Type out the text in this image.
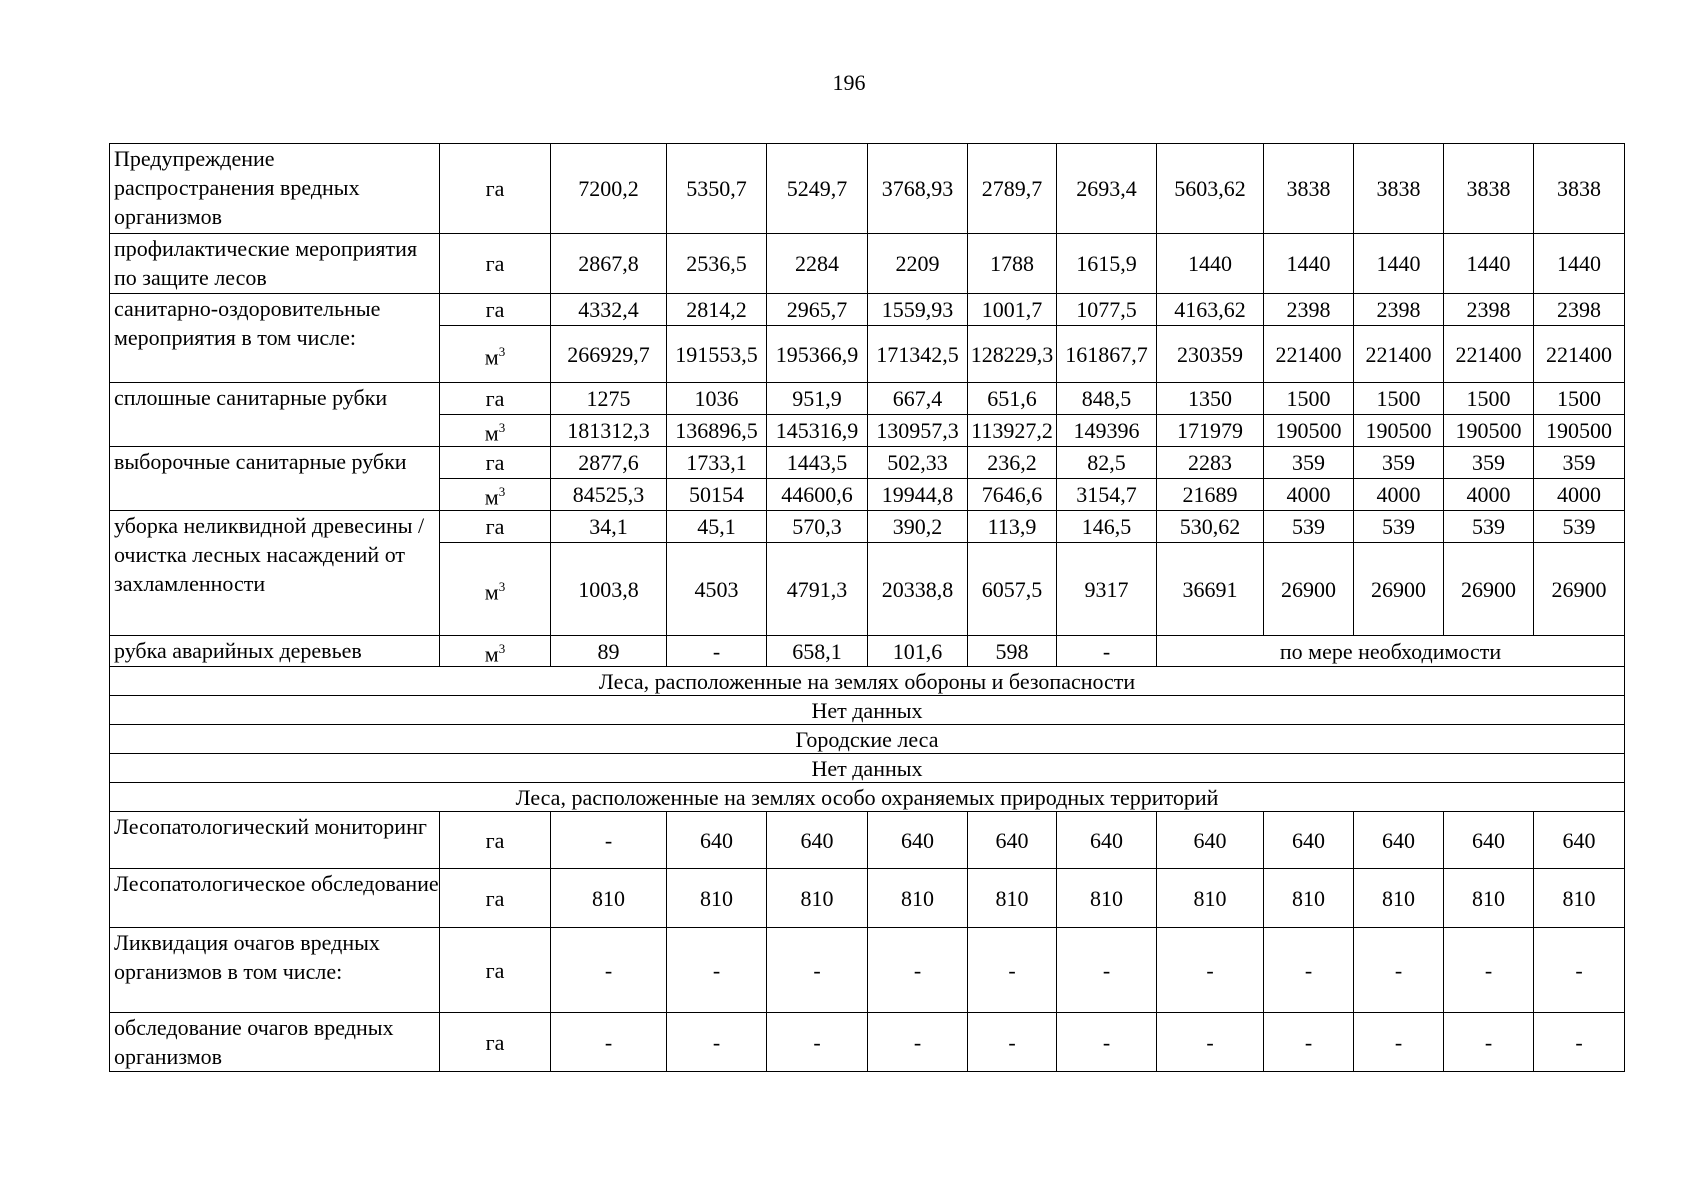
196
Предупреждение распространения вредных организмов	га	7200,2	5350,7	5249,7	3768,93	2789,7	2693,4	5603,62	3838	3838	3838	3838
профилактические мероприятия по защите лесов	га	2867,8	2536,5	2284	2209	1788	1615,9	1440	1440	1440	1440	1440
санитарно-оздоровительные мероприятия в том числе:	га	4332,4	2814,2	2965,7	1559,93	1001,7	1077,5	4163,62	2398	2398	2398	2398
	$м^3$	266929,7	191553,5	195366,9	171342,5	128229,3	161867,7	230359	221400	221400	221400	221400
сплошные санитарные рубки	га	1275	1036	951,9	667,4	651,6	848,5	1350	1500	1500	1500	1500
	$м^3$	181312,3	136896,5	145316,9	130957,3	113927,2	149396	171979	190500	190500	190500	190500
выборочные санитарные рубки	га	2877,6	1733,1	1443,5	502,33	236,2	82,5	2283	359	359	359	359
	$м^3$	84525,3	50154	44600,6	19944,8	7646,6	3154,7	21689	4000	4000	4000	4000
уборка неликвидной древесины / очистка лесных насаждений от захламленности	га	34,1	45,1	570,3	390,2	113,9	146,5	530,62	539	539	539	539
	$м^3$	1003,8	4503	4791,3	20338,8	6057,5	9317	36691	26900	26900	26900	26900
рубка аварийных деревьев	$м^3$	89	-	658,1	101,6	598	-	по мере необходимости				
Леса, расположенные на землях обороны и безопасности												
Нет данных												
Городские леса												
Нет данных												
Леса, расположенные на землях особо охраняемых природных территорий												
Лесопатологический мониторинг	га	-	640	640	640	640	640	640	640	640	640	640
Лесопатологическое обследование	га	810	810	810	810	810	810	810	810	810	810	810
Ликвидация очагов вредных организмов в том числе:	га	-	-	-	-	-	-	-	-	-	-	-
обследование очагов вредных организмов	га	-	-	-	-	-	-	-	-	-	-	-
